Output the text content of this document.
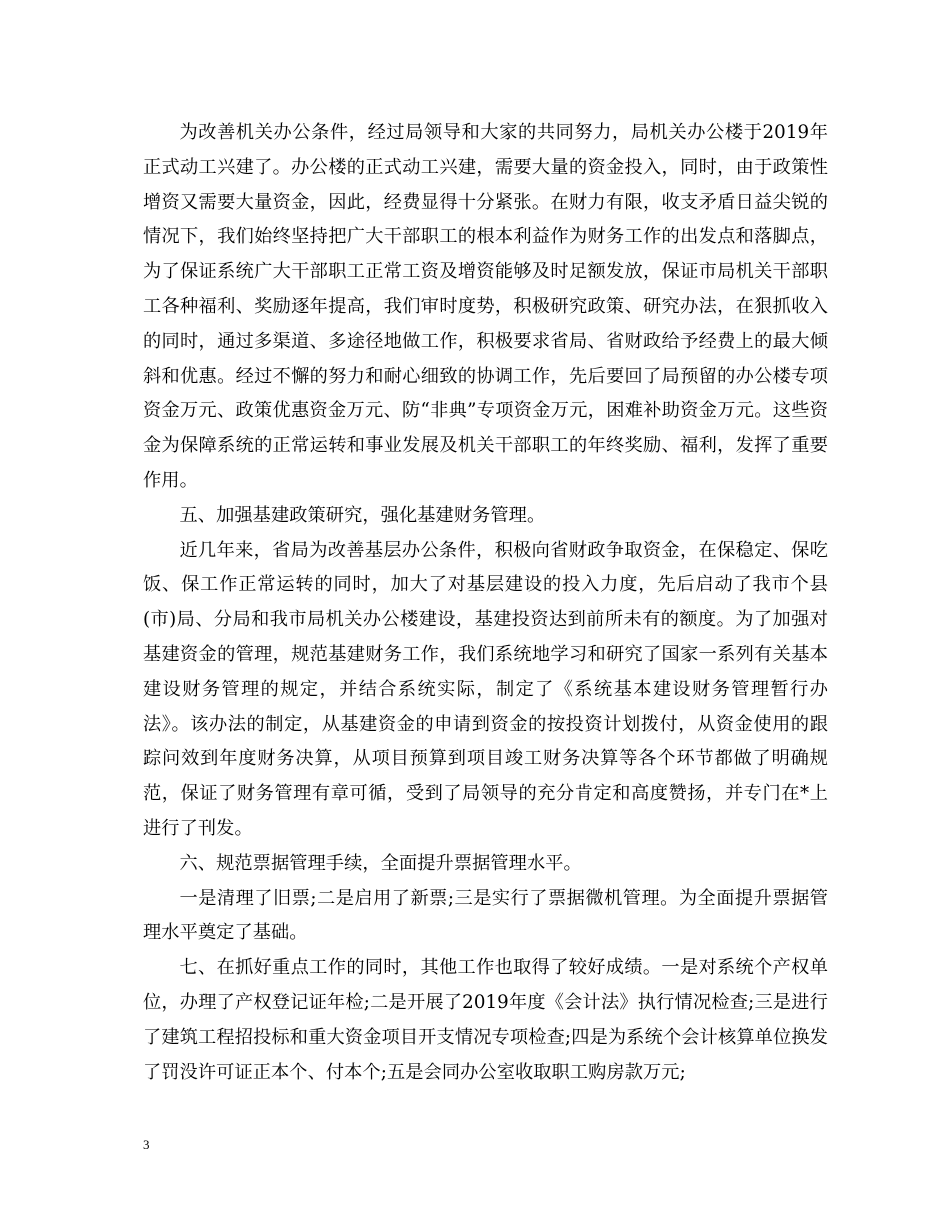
为改善机关办公条件，经过局领导和大家的共同努力，局机关办公楼于2019年正式动工兴建了。办公楼的正式动工兴建，需要大量的资金投入，同时，由于政策性增资又需要大量资金，因此，经费显得十分紧张。在财力有限，收支矛盾日益尖锐的情况下，我们始终坚持把广大干部职工的根本利益作为财务工作的出发点和落脚点，为了保证系统广大干部职工正常工资及增资能够及时足额发放，保证市局机关干部职工各种福利、奖励逐年提高，我们审时度势，积极研究政策、研究办法，在狠抓收入的同时，通过多渠道、多途径地做工作，积极要求省局、省财政给予经费上的最大倾斜和优惠。经过不懈的努力和耐心细致的协调工作，先后要回了局预留的办公楼专项资金万元、政策优惠资金万元、防“非典”专项资金万元，困难补助资金万元。这些资金为保障系统的正常运转和事业发展及机关干部职工的年终奖励、福利，发挥了重要作用。

五、加强基建政策研究，强化基建财务管理。

近几年来，省局为改善基层办公条件，积极向省财政争取资金，在保稳定、保吃饭、保工作正常运转的同时，加大了对基层建设的投入力度，先后启动了我市个县(市)局、分局和我市局机关办公楼建设，基建投资达到前所未有的额度。为了加强对基建资金的管理，规范基建财务工作，我们系统地学习和研究了国家一系列有关基本建设财务管理的规定，并结合系统实际，制定了《系统基本建设财务管理暂行办法》。该办法的制定，从基建资金的申请到资金的按投资计划拨付，从资金使用的跟踪问效到年度财务决算，从项目预算到项目竣工财务决算等各个环节都做了明确规范，保证了财务管理有章可循，受到了局领导的充分肯定和高度赞扬，并专门在*上进行了刊发。

六、规范票据管理手续，全面提升票据管理水平。

一是清理了旧票;二是启用了新票;三是实行了票据微机管理。为全面提升票据管理水平奠定了基础。

七、在抓好重点工作的同时，其他工作也取得了较好成绩。一是对系统个产权单位，办理了产权登记证年检;二是开展了2019年度《会计法》执行情况检查;三是进行了建筑工程招投标和重大资金项目开支情况专项检查;四是为系统个会计核算单位换发了罚没许可证正本个、付本个;五是会同办公室收取职工购房款万元;

3
